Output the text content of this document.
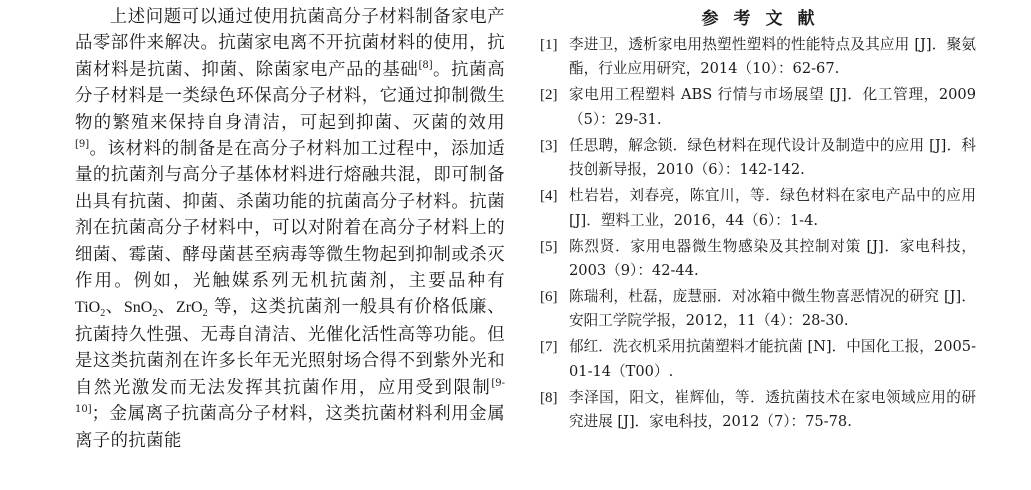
上述问题可以通过使用抗菌高分子材料制备家电产品零部件来解决。抗菌家电离不开抗菌材料的使用，抗菌材料是抗菌、抑菌、除菌家电产品的基础[8]。抗菌高分子材料是一类绿色环保高分子材料，它通过抑制微生物的繁殖来保持自身清洁，可起到抑菌、灭菌的效用[9]。该材料的制备是在高分子材料加工过程中，添加适量的抗菌剂与高分子基体材料进行熔融共混，即可制备出具有抗菌、抑菌、杀菌功能的抗菌高分子材料。抗菌剂在抗菌高分子材料中，可以对附着在高分子材料上的细菌、霉菌、酵母菌甚至病毒等微生物起到抑制或杀灭作用。例如，光触媒系列无机抗菌剂，主要品种有 TiO$_2$、SnO$_2$、ZrO$_2$ 等，这类抗菌剂一般具有价格低廉、抗菌持久性强、无毒自清洁、光催化活性高等功能。但是这类抗菌剂在许多长年无光照射场合得不到紫外光和自然光激发而无法发挥其抗菌作用，应用受到限制[9-10]；金属离子抗菌高分子材料，这类抗菌材料利用金属离子的抗菌能

参考文献
[1] 李进卫，透析家电用热塑性塑料的性能特点及其应用 [J]．聚氨酯，行业应用研究，2014（10）：62-67.
[2] 家电用工程塑料 ABS 行情与市场展望 [J]．化工管理，2009（5）：29-31.
[3] 任思聘，解念锁．绿色材料在现代设计及制造中的应用 [J]．科技创新导报，2010（6）：142-142.
[4] 杜岩岩，刘春亮，陈宜川，等．绿色材料在家电产品中的应用 [J]．塑料工业，2016，44（6）：1-4.
[5] 陈烈贤．家用电器微生物感染及其控制对策 [J]．家电科技，2003（9）：42-44.
[6] 陈瑞利，杜磊，庞慧丽．对冰箱中微生物喜恶情况的研究 [J]．安阳工学院学报，2012，11（4）：28-30.
[7] 郁红．洗衣机采用抗菌塑料才能抗菌 [N]．中国化工报，2005-01-14（T00）.
[8] 李泽国，阳文，崔辉仙，等．透抗菌技术在家电领域应用的研究进展 [J]．家电科技，2012（7）：75-78.
